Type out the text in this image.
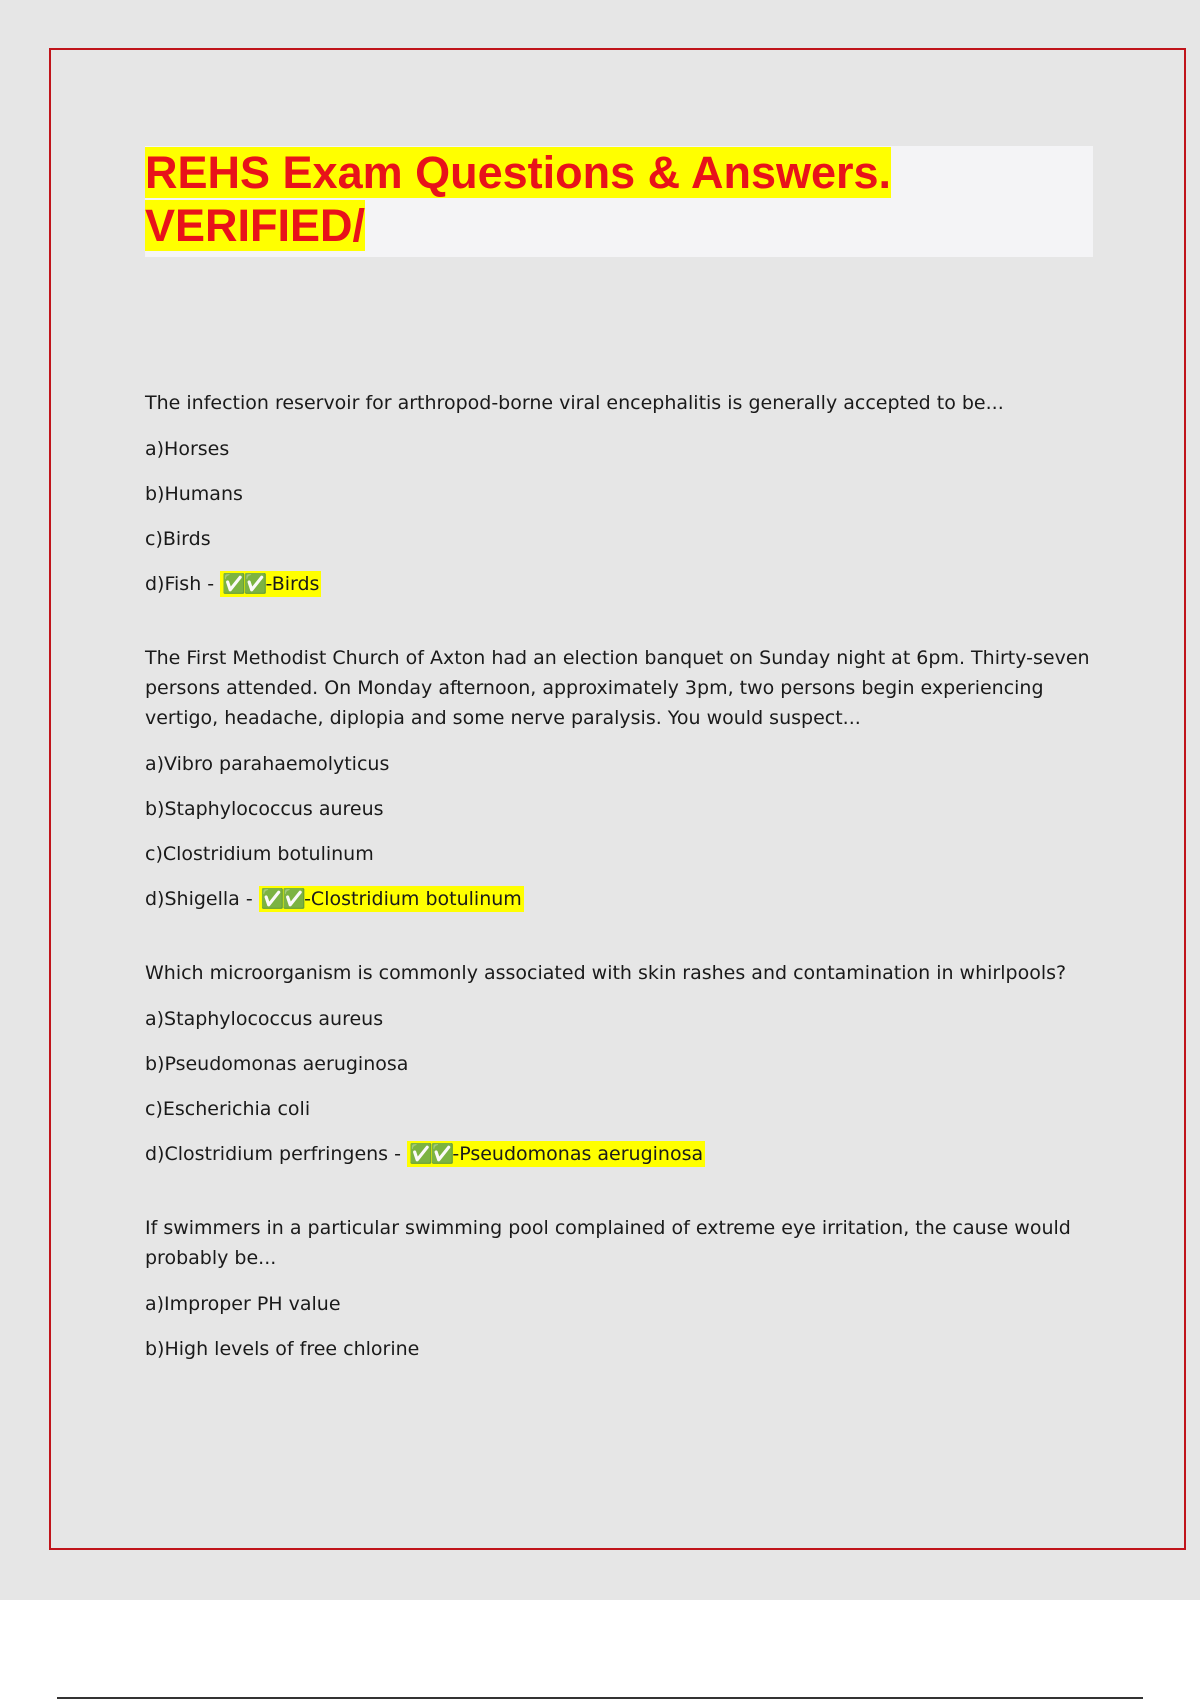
REHS Exam Questions & Answers.
VERIFIED/

The infection reservoir for arthropod-borne viral encephalitis is generally accepted to be...

a)Horses

b)Humans

c)Birds

d)Fish - ✅✅-Birds

The First Methodist Church of Axton had an election banquet on Sunday night at 6pm. Thirty-seven persons attended. On Monday afternoon, approximately 3pm, two persons begin experiencing vertigo, headache, diplopia and some nerve paralysis. You would suspect...

a)Vibro parahaemolyticus

b)Staphylococcus aureus

c)Clostridium botulinum

d)Shigella - ✅✅-Clostridium botulinum

Which microorganism is commonly associated with skin rashes and contamination in whirlpools?

a)Staphylococcus aureus

b)Pseudomonas aeruginosa

c)Escherichia coli

d)Clostridium perfringens - ✅✅-Pseudomonas aeruginosa

If swimmers in a particular swimming pool complained of extreme eye irritation, the cause would probably be...

a)Improper PH value

b)High levels of free chlorine
